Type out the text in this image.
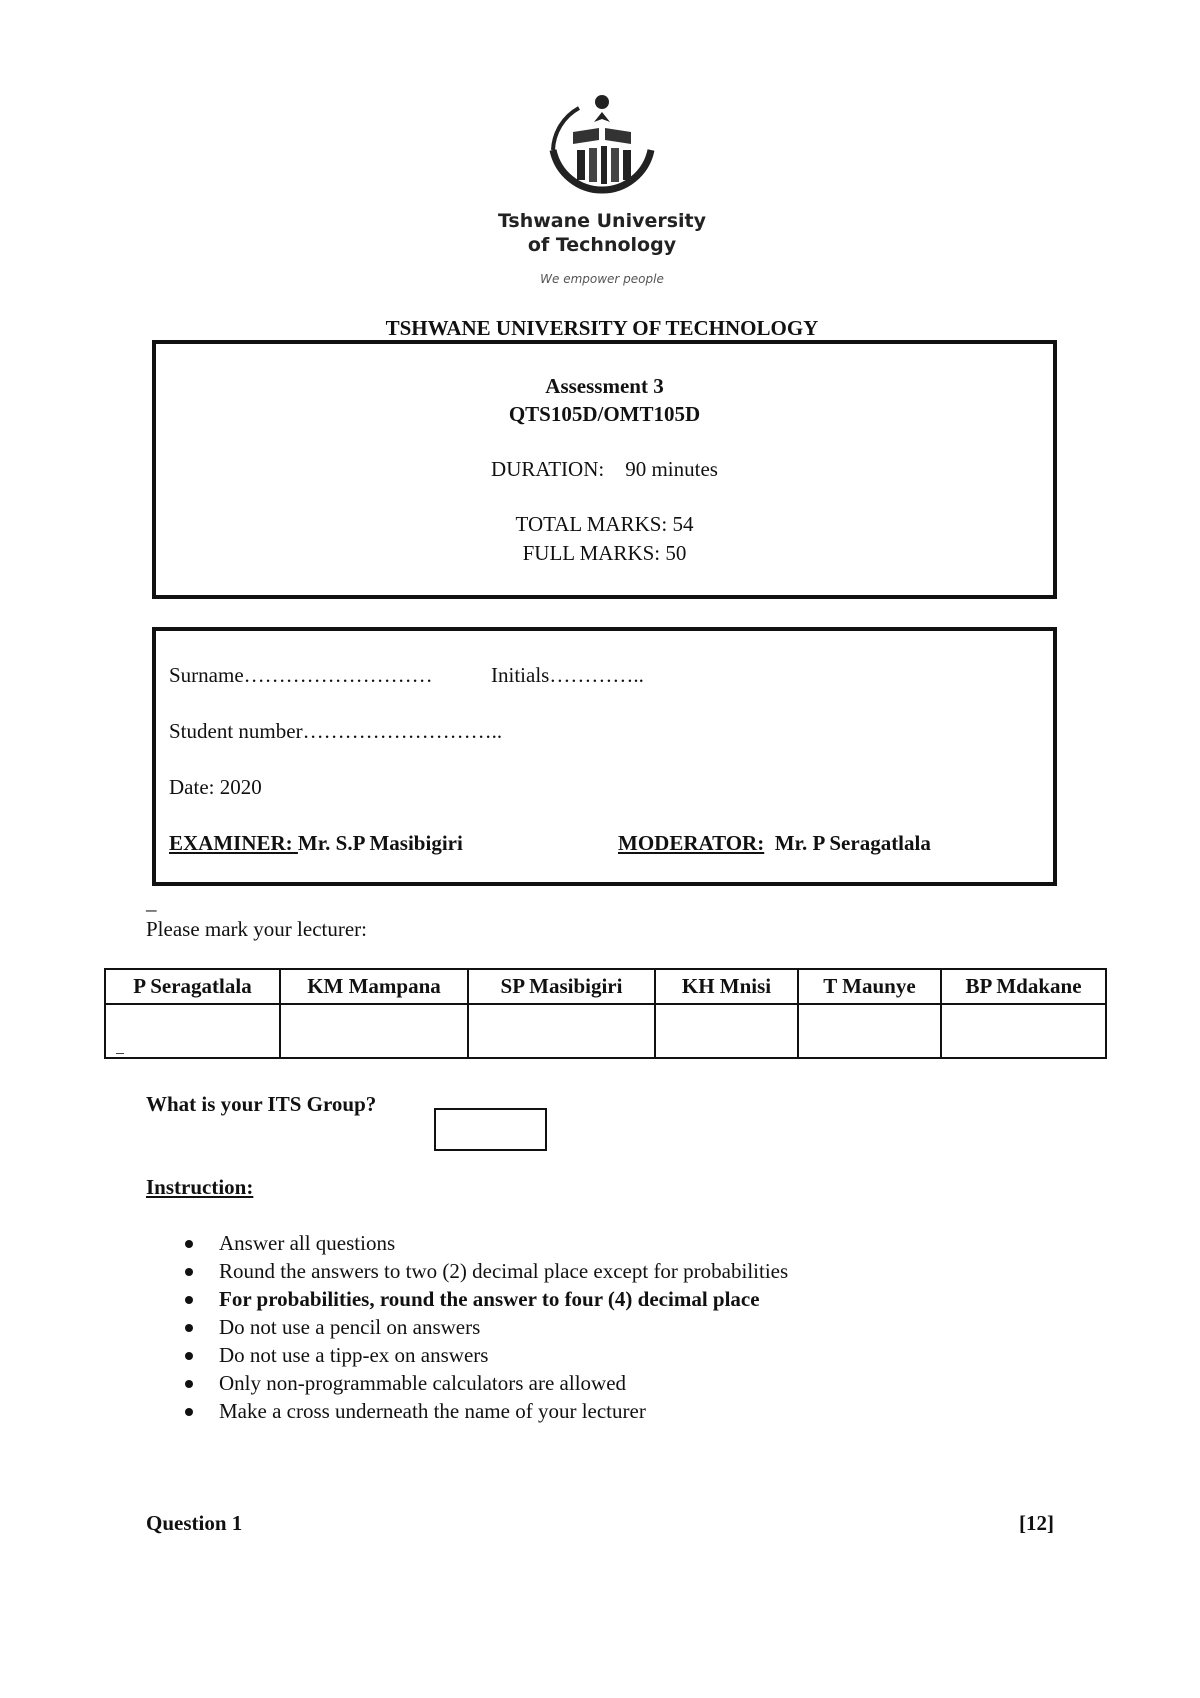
Tshwane University
of Technology
We empower people
TSHWANE UNIVERSITY OF TECHNOLOGY
Assessment 3
QTS105D/OMT105D
DURATION: 90 minutes
TOTAL MARKS: 54
FULL MARKS: 50
Surname………………………	Initials…………..
Student number………………………..
Date: 2020
EXAMINER: Mr. S.P Masibigiri	MODERATOR: Mr. P Seragatlala
_
Please mark your lecturer:
P Seragatlala	KM Mampana	SP Masibigiri	KH Mnisi	T Maunye	BP Mdakane

_					

What is your ITS Group?
Instruction:
Answer all questions
Round the answers to two (2) decimal place except for probabilities
For probabilities, round the answer to four (4) decimal place
Do not use a pencil on answers
Do not use a tipp-ex on answers
Only non-programmable calculators are allowed
Make a cross underneath the name of your lecturer
Question 1	[12]
